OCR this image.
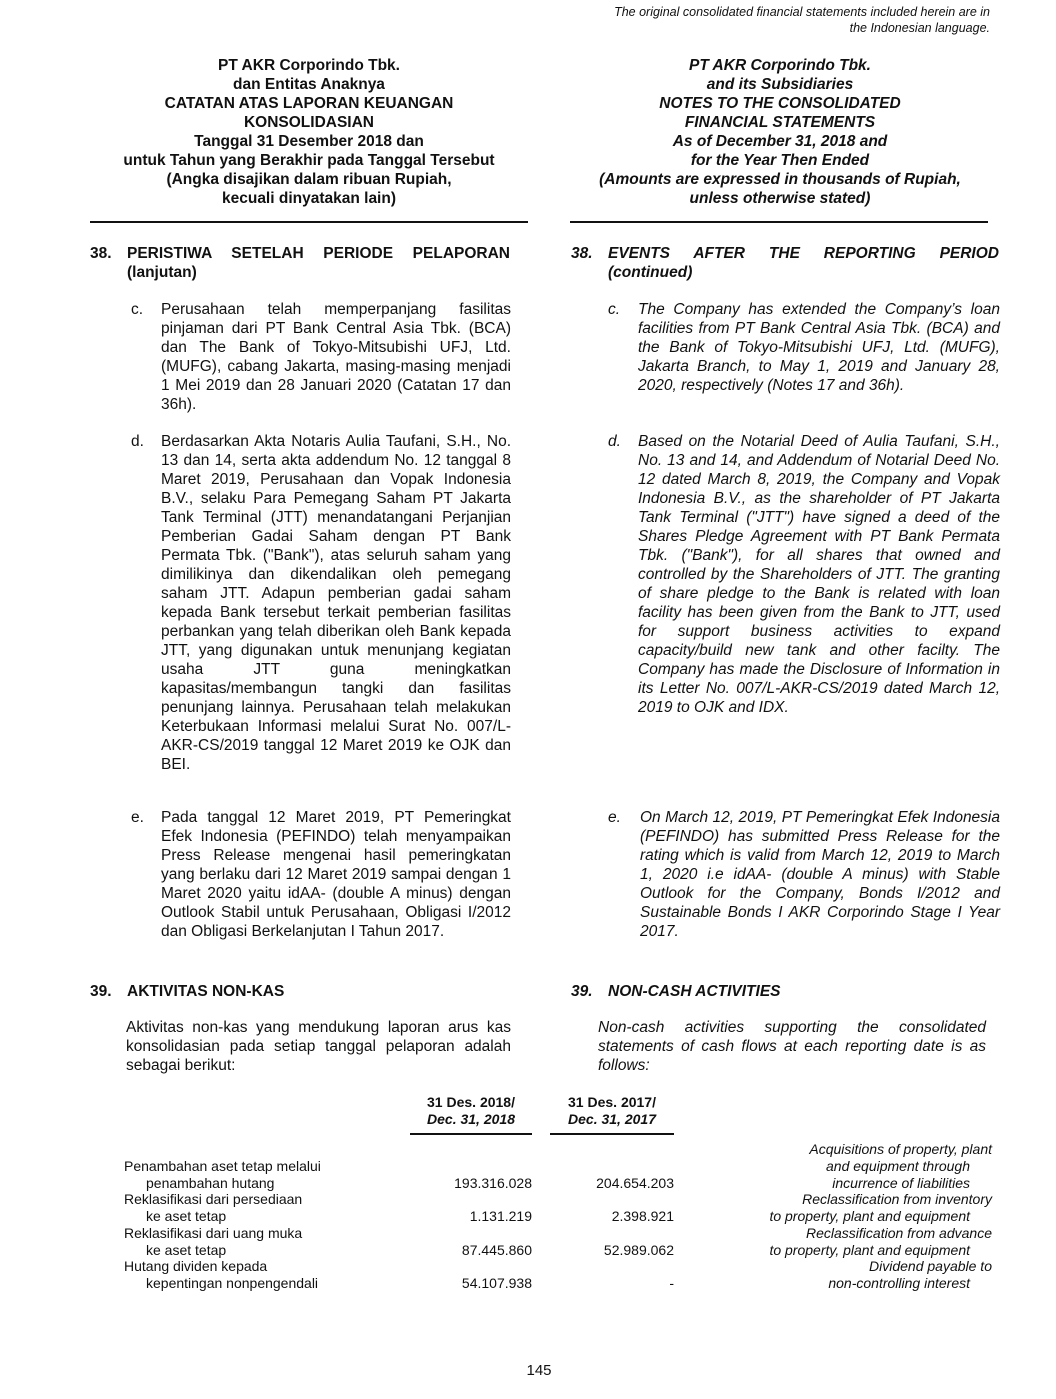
The original consolidated financial statements included herein are in
the Indonesian language.
PT AKR Corporindo Tbk.
dan Entitas Anaknya
CATATAN ATAS LAPORAN KEUANGAN
KONSOLIDASIAN
Tanggal 31 Desember 2018 dan
untuk Tahun yang Berakhir pada Tanggal Tersebut
(Angka disajikan dalam ribuan Rupiah,
kecuali dinyatakan lain)
PT AKR Corporindo Tbk.
and its Subsidiaries
NOTES TO THE CONSOLIDATED
FINANCIAL STATEMENTS
As of December 31, 2018 and
for the Year Then Ended
(Amounts are expressed in thousands of Rupiah,
unless otherwise stated)
38. PERISTIWA SETELAH PERIODE PELAPORAN
(lanjutan)
38. EVENTS AFTER THE REPORTING PERIOD
(continued)
c. Perusahaan telah memperpanjang fasilitas pinjaman dari PT Bank Central Asia Tbk. (BCA) dan The Bank of Tokyo-Mitsubishi UFJ, Ltd. (MUFG), cabang Jakarta, masing-masing menjadi 1 Mei 2019 dan 28 Januari 2020 (Catatan 17 dan 36h).
c. The Company has extended the Company’s loan facilities from PT Bank Central Asia Tbk. (BCA) and the Bank of Tokyo-Mitsubishi UFJ, Ltd. (MUFG), Jakarta Branch, to May 1, 2019 and January 28, 2020, respectively (Notes 17 and 36h).
d. Berdasarkan Akta Notaris Aulia Taufani, S.H., No. 13 dan 14, serta akta addendum No. 12 tanggal 8 Maret 2019, Perusahaan dan Vopak Indonesia B.V., selaku Para Pemegang Saham PT Jakarta Tank Terminal (JTT) menandatangani Perjanjian Pemberian Gadai Saham dengan PT Bank Permata Tbk. ("Bank"), atas seluruh saham yang dimilikinya dan dikendalikan oleh pemegang saham JTT. Adapun pemberian gadai saham kepada Bank tersebut terkait pemberian fasilitas perbankan yang telah diberikan oleh Bank kepada JTT, yang digunakan untuk menunjang kegiatan usaha JTT guna meningkatkan kapasitas/membangun tangki dan fasilitas penunjang lainnya. Perusahaan telah melakukan Keterbukaan Informasi melalui Surat No. 007/L-AKR-CS/2019 tanggal 12 Maret 2019 ke OJK dan BEI.
d. Based on the Notarial Deed of Aulia Taufani, S.H., No. 13 and 14, and Addendum of Notarial Deed No. 12 dated March 8, 2019, the Company and Vopak Indonesia B.V., as the shareholder of PT Jakarta Tank Terminal ("JTT") have signed a deed of the Shares Pledge Agreement with PT Bank Permata Tbk. ("Bank"), for all shares that owned and controlled by the Shareholders of JTT. The granting of share pledge to the Bank is related with loan facility has been given from the Bank to JTT, used for support business activities to expand capacity/build new tank and other facilty. The Company has made the Disclosure of Information in its Letter No. 007/L-AKR-CS/2019 dated March 12, 2019 to OJK and IDX.
e. Pada tanggal 12 Maret 2019, PT Pemeringkat Efek Indonesia (PEFINDO) telah menyampaikan Press Release mengenai hasil pemeringkatan yang berlaku dari 12 Maret 2019 sampai dengan 1 Maret 2020 yaitu idAA- (double A minus) dengan Outlook Stabil untuk Perusahaan, Obligasi I/2012 dan Obligasi Berkelanjutan I Tahun 2017.
e. On March 12, 2019, PT Pemeringkat Efek Indonesia (PEFINDO) has submitted Press Release for the rating which is valid from March 12, 2019 to March 1, 2020 i.e idAA- (double A minus) with Stable Outlook for the Company, Bonds I/2012 and Sustainable Bonds I AKR Corporindo Stage I Year 2017.
39. AKTIVITAS NON-KAS	39. NON-CASH ACTIVITIES
Aktivitas non-kas yang mendukung laporan arus kas konsolidasian pada setiap tanggal pelaporan adalah sebagai berikut:
Non-cash activities supporting the consolidated statements of cash flows at each reporting date is as follows:
31 Des. 2018/
Dec. 31, 2018
31 Des. 2017/
Dec. 31, 2017
Penambahan aset tetap melalui
penambahan hutang	193.316.028	204.654.203
Acquisitions of property, plant
and equipment through
incurrence of liabilities
Reklasifikasi dari persediaan
ke aset tetap	1.131.219	2.398.921
Reclassification from inventory
to property, plant and equipment
Reklasifikasi dari uang muka
ke aset tetap	87.445.860	52.989.062
Reclassification from advance
to property, plant and equipment
Hutang dividen kepada
kepentingan nonpengendali	54.107.938	-
Dividend payable to
non-controlling interest
145
